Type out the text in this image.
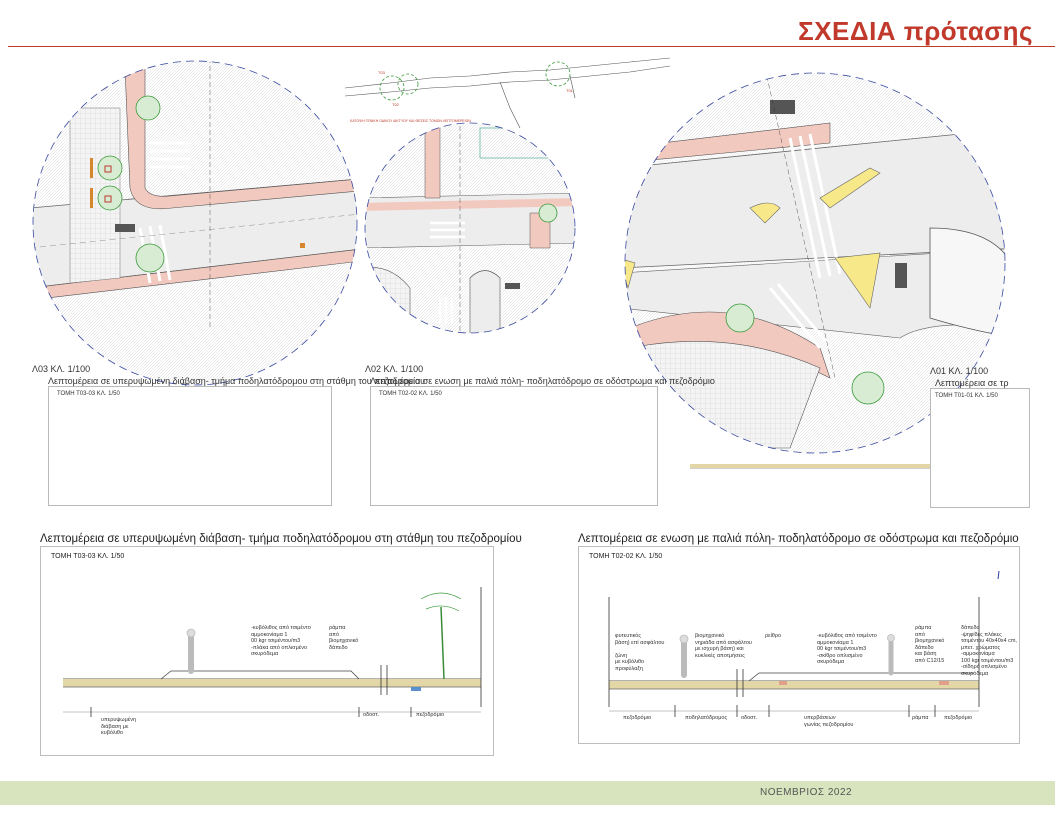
ΣΧΕΔΙΑ πρότασης
Τ03
Τ02
Τ01
ΚΑΤΟΨΗ ΓΕΝΙΚΗ ΟΔΙΚΟΥ ΔΙΚΤΥΟΥ ΚΑΙ ΘΕΣΕΙΣ ΤΟΜΩΝ ΛΕΠΤΟΜΕΡΕΙΩΝ
Λ03 ΚΛ. 1/100	Λ02 ΚΛ. 1/100	Λ01 ΚΛ. 1/100
Λεπτομέρεια σε υπερυψωμένη διάβαση- τμήμα ποδηλατόδρομου στη στάθμη του πεζοδρομίου
Λεπτομέρεια σε ενωση με παλιά πόλη- ποδηλατόδρομο σε οδόστρωμα και πεζοδρόμιο	Λεπτομέρεια σε τρ
ΤΟΜΗ Τ03-03 ΚΛ. 1/50	ΤΟΜΗ Τ02-02 ΚΛ. 1/50	ΤΟΜΗ Τ01-01 ΚΛ. 1/50
Λεπτομέρεια σε υπερυψωμένη διάβαση- τμήμα ποδηλατόδρομου στη στάθμη του πεζοδρομίου
ΤΟΜΗ Τ03-03 ΚΛ. 1/50
-κυβόλιθος από τσιμέντο
αμμοκονίαμα 1
00 kgr τσιμέντου/m3
-πλάκα από οπλισμένο
σκυρόδεμα
ράμπα
από
βιομηχανικό
δάπεδο
υπερυψωμένη
διάβαση με
κυβόλιθο
οδοστ.	πεζοδρόμιο
Λεπτομέρεια σε ενωση με παλιά πόλη- ποδηλατόδρομο σε οδόστρωμα και πεζοδρόμιο
ΤΟΜΗ Τ02-02 ΚΛ. 1/50
φυτευτικός
βάση) επί ασφάλτου

ζώνη
με κυβόλιθο
προφύλαξη
βιομηχανικό
νηριάδα από ασφάλτου
με ισχυρή βάση) και
κυκλικές αποτμήσεις
ρείθρο	-κυβόλιθος από τσιμέντο
αμμοκονίαμα 1
00 kgr τσιμέντου/m3
-σκίθρο οπλισμένο
σκυρόδεμα
ράμπα
από
βιομηχανικό
δάπεδο
και βάση
από C12/15
δάπεδο
-ψηφίδες πλάκες
τσιμέντου 40x40x4 cm,
μπετ. χρώματος
-αμμοκονίαμα
100 kgr τσιμέντου/m3
-σίδηρό οπλισμένο
σκυρόδεμα
πεζοδρόμιο	ποδηλατόδρομος	οδοστ.	υπερβάσεων
γωνίας πεζοδρομίου
ράμπα	πεζοδρόμιο
ΝΟΕΜΒΡΙΟΣ 2022
